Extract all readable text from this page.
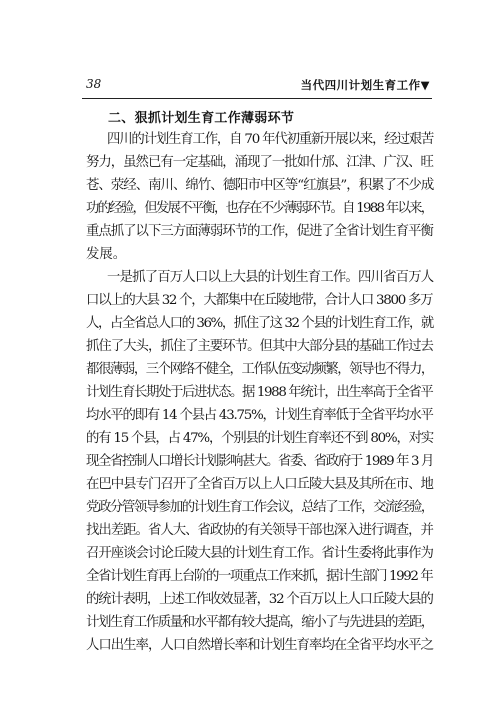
38	当代四川计划生育工作▼
二、狠抓计划生育工作薄弱环节
四川的计划生育工作，自 70 年代初重新开展以来，经过艰苦
努力，虽然已有一定基础，涌现了一批如什邡、江津、广汉、旺
苍、荥经、南川、绵竹、德阳市中区等“红旗县”，积累了不少成
功的经验，但发展不平衡，也存在不少薄弱环节。自 1988 年以来，
重点抓了以下三方面薄弱环节的工作，促进了全省计划生育平衡
发展。
一是抓了百万人口以上大县的计划生育工作。四川省百万人
口以上的大县 32 个，大都集中在丘陵地带，合计人口 3800 多万
人，占全省总人口的 36%，抓住了这 32 个县的计划生育工作，就
抓住了大头，抓住了主要环节。但其中大部分县的基础工作过去
都很薄弱，三个网络不健全，工作队伍变动频繁，领导也不得力，
计划生育长期处于后进状态。据 1988 年统计，出生率高于全省平
均水平的即有 14 个县占 43.75%，计划生育率低于全省平均水平
的有 15 个县，占 47%，个别县的计划生育率还不到 80%，对实
现全省控制人口增长计划影响甚大。省委、省政府于 1989 年 3 月
在巴中县专门召开了全省百万以上人口丘陵大县及其所在市、地
党政分管领导参加的计划生育工作会议，总结了工作，交流经验，
找出差距。省人大、省政协的有关领导干部也深入进行调查，并
召开座谈会讨论丘陵大县的计划生育工作。省计生委将此事作为
全省计划生育再上台阶的一项重点工作来抓，据计生部门 1992 年
的统计表明，上述工作收效显著，32 个百万以上人口丘陵大县的
计划生育工作质量和水平都有较大提高，缩小了与先进县的差距，
人口出生率，人口自然增长率和计划生育率均在全省平均水平之
